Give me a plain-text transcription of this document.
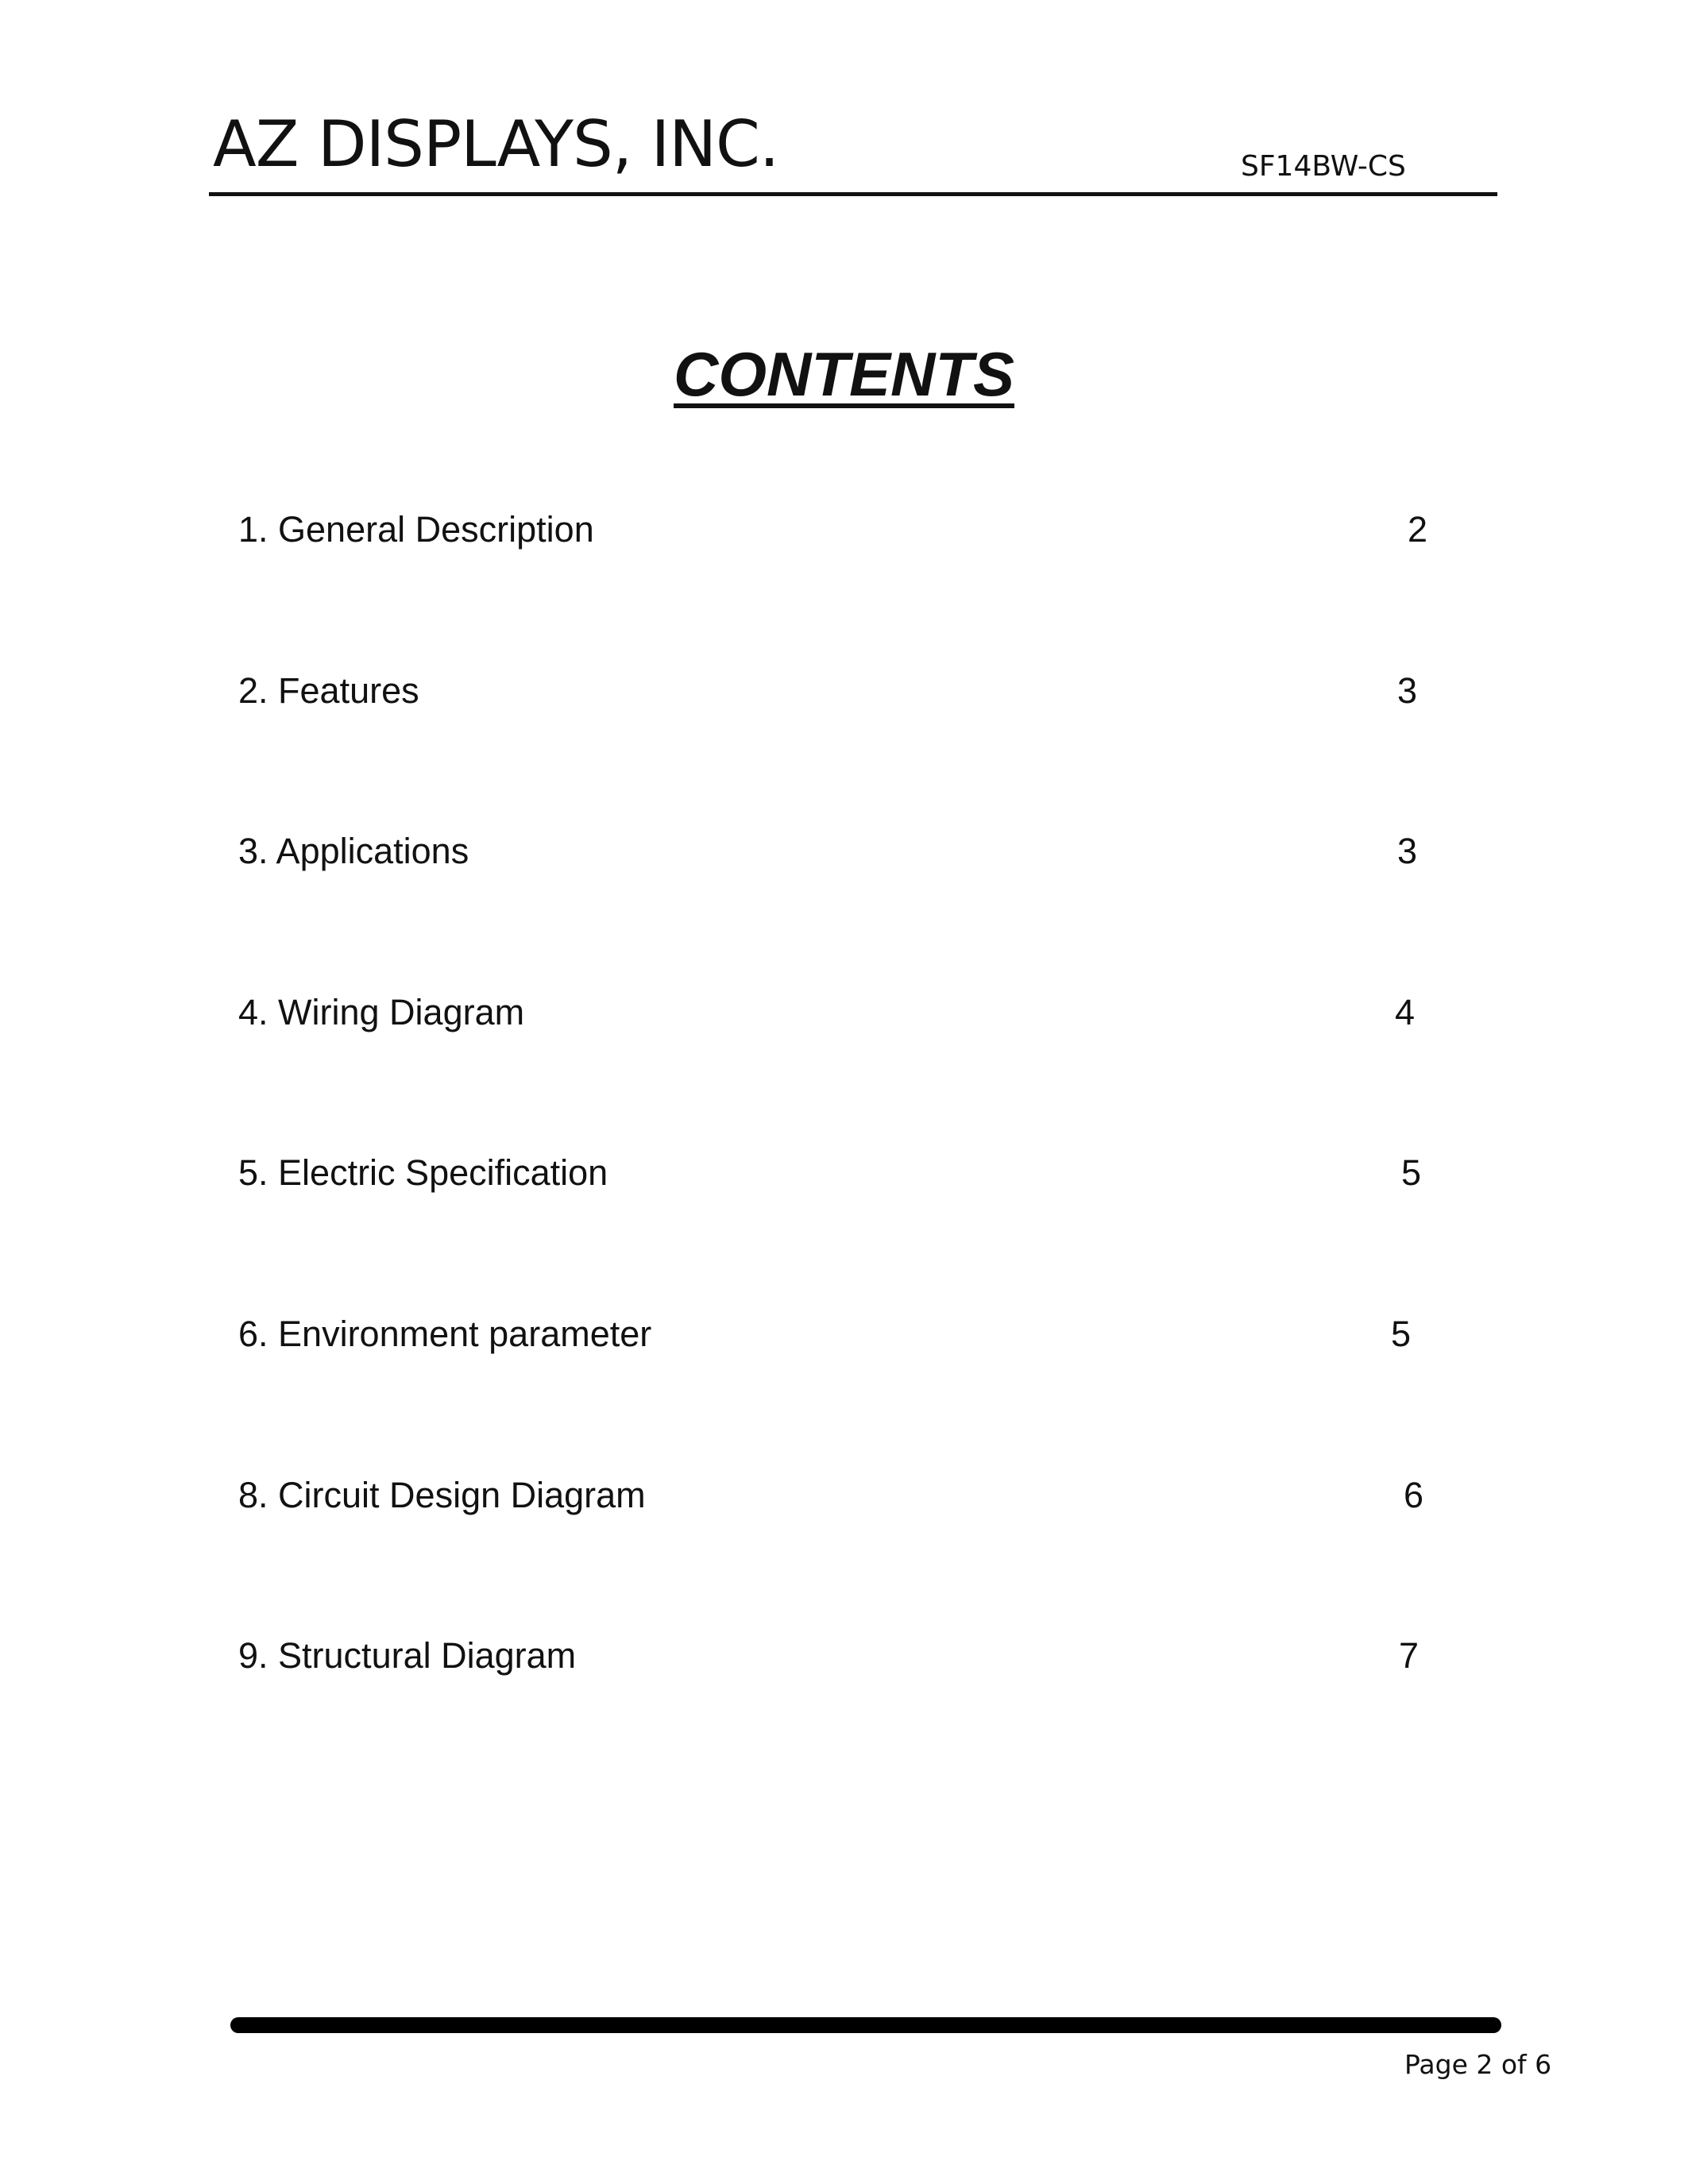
AZ DISPLAYS, INC.	SF14BW-CS
CONTENTS
1. General Description	2
2. Features	3
3. Applications	3
4. Wiring Diagram	4
5. Electric Specification	5
6. Environment parameter	5
8. Circuit Design Diagram	6
9. Structural Diagram	7
Page 2 of 6
